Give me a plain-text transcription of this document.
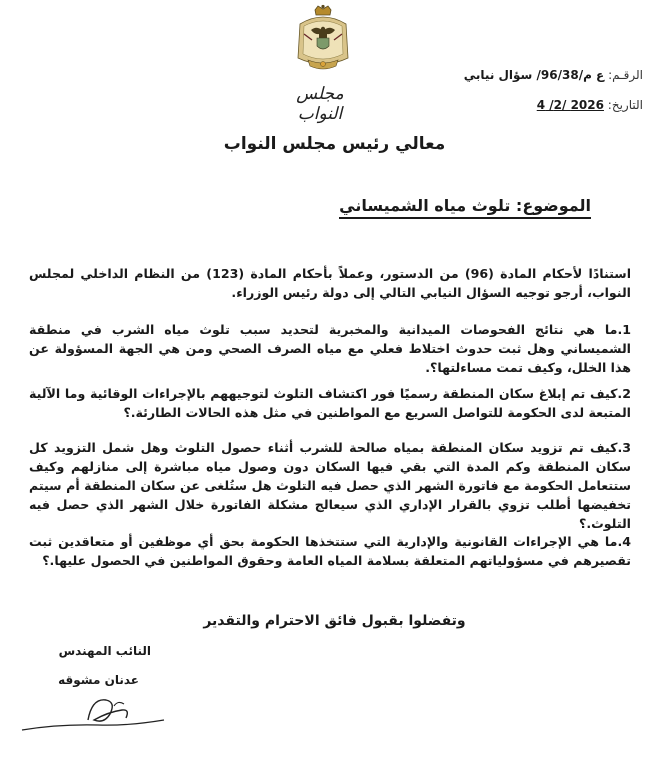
مجلس النواب
الرقـم: ع م/96/38/ سؤال نيابي
التاريخ: 2026 /2/ 4
معالي رئيس مجلس النواب
الموضوع: تلوث مياه الشميساني
استنادًا لأحكام المادة (96) من الدستور، وعملاً بأحكام المادة (123) من النظام الداخلي لمجلس النواب، أرجو توجيه السؤال النيابي التالي إلى دولة رئيس الوزراء.
1.ما هي نتائج الفحوصات الميدانية والمخبرية لتحديد سبب تلوث مياه الشرب في منطقة الشميساني وهل ثبت حدوث اختلاط فعلي مع مياه الصرف الصحي ومن هي الجهة المسؤولة عن هذا الخلل، وكيف تمت مساءلتها؟.
2.كيف تم إبلاغ سكان المنطقة رسميًا فور اكتشاف التلوث لتوجيههم بالإجراءات الوقائية وما الآلية المتبعة لدى الحكومة للتواصل السريع مع المواطنين في مثل هذه الحالات الطارئة.؟
3.كيف تم تزويد سكان المنطقة بمياه صالحة للشرب أثناء حصول التلوث وهل شمل التزويد كل سكان المنطقة وكم المدة التي بقي فيها السكان دون وصول مياه مباشرة إلى منازلهم وكيف ستتعامل الحكومة مع فاتورة الشهر الذي حصل فيه التلوث هل ستُلغى عن سكان المنطقة أم سيتم تخفيضها أطلب تزوي بالقرار الإداري الذي سيعالج مشكلة الفاتورة خلال الشهر الذي حصل فيه التلوث.؟
4.ما هي الإجراءات القانونية والإدارية التي ستتخذها الحكومة بحق أي موظفين أو متعاقدين ثبت تقصيرهم في مسؤولياتهم المتعلقة بسلامة المياه العامة وحقوق المواطنين في الحصول عليها.؟
وتفضلوا بقبول فائق الاحترام والتقدير
النائب المهندس
عدنان مشوقه
